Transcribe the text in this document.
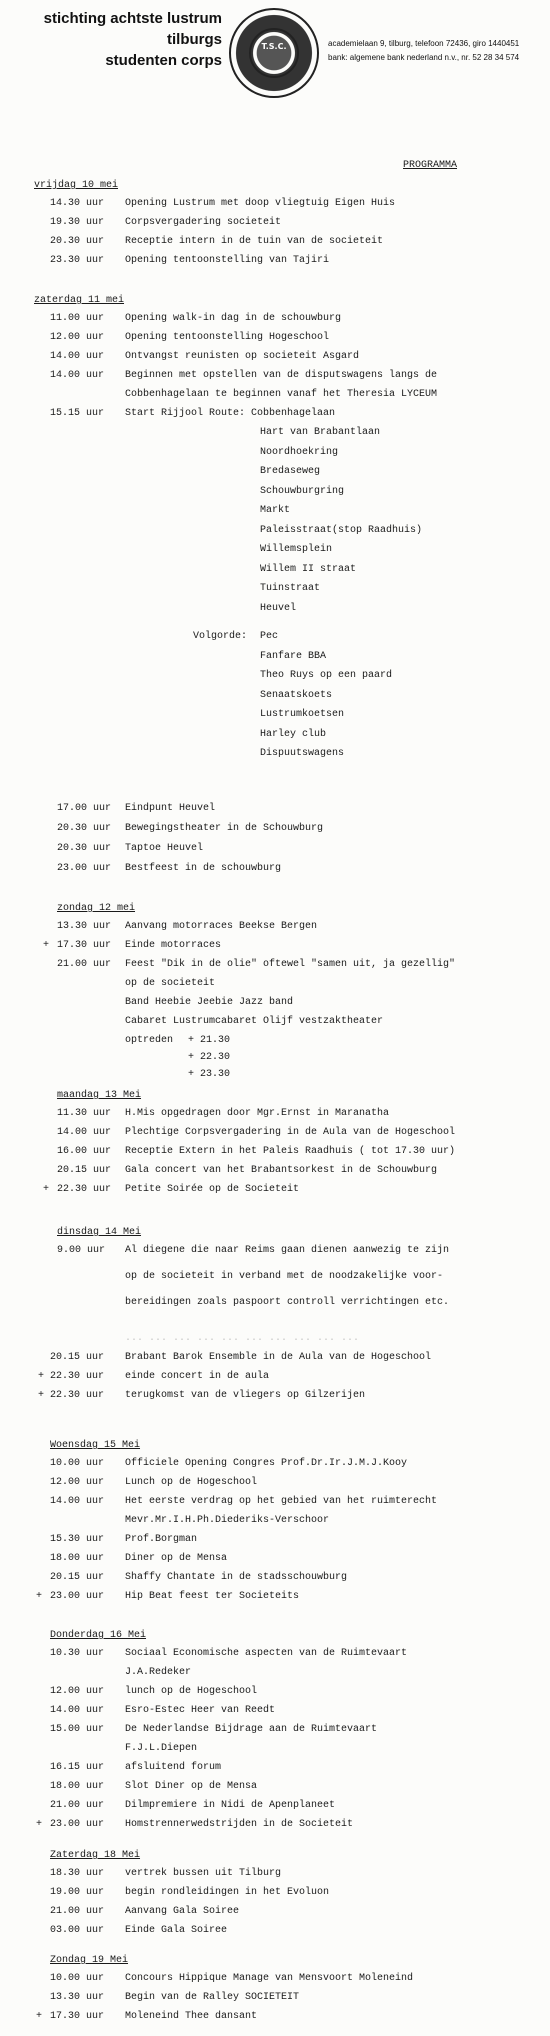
stichting achtste lustrum
tilburgs
studenten corps
T.S.C.	academielaan 9, tilburg, telefoon 72436, giro 1440451
bank: algemene bank nederland n.v., nr. 52 28 34 574
PROGRAMMA
vrijdag 10 mei
14.30 uur Opening Lustrum met doop vliegtuig Eigen Huis
19.30 uur Corpsvergadering societeit
20.30 uur Receptie intern in de tuin van de societeit
23.30 uur Opening tentoonstelling van Tajiri
zaterdag 11 mei
11.00 uur Opening walk-in dag in de schouwburg
12.00 uur Opening tentoonstelling Hogeschool
14.00 uur Ontvangst reunisten op societeit Asgard
14.00 uur Beginnen met opstellen van de disputswagens langs de
Cobbenhagelaan te beginnen vanaf het Theresia LYCEUM
15.15 uur Start Rijjool Route: Cobbenhagelaan
Hart van Brabantlaan
Noordhoekring
Bredaseweg
Schouwburgring
Markt
Paleisstraat(stop Raadhuis)
Willemsplein
Willem II straat
Tuinstraat
Heuvel
Volgorde: Pec
Fanfare BBA
Theo Ruys op een paard
Senaatskoets
Lustrumkoetsen
Harley club
Dispuutswagens
17.00 uur Eindpunt Heuvel
20.30 uur Bewegingstheater in de Schouwburg
20.30 uur Taptoe Heuvel
23.00 uur Bestfeest in de schouwburg
zondag 12 mei
13.30 uur Aanvang motorraces Beekse Bergen
+ 17.30 uur Einde motorraces
21.00 uur Feest "Dik in de olie" oftewel "samen uit, ja gezellig"
op de societeit
Band Heebie Jeebie Jazz band
Cabaret Lustrumcabaret Olijf vestzaktheater
optreden + 21.30
+ 22.30
+ 23.30
maandag 13 Mei
11.30 uur H.Mis opgedragen door Mgr.Ernst in Maranatha
14.00 uur Plechtige Corpsvergadering in de Aula van de Hogeschool
16.00 uur Receptie Extern in het Paleis Raadhuis ( tot 17.30 uur)
20.15 uur Gala concert van het Brabantsorkest in de Schouwburg
+ 22.30 uur Petite Soirée op de Societeit
dinsdag 14 Mei
9.00 uur Al diegene die naar Reims gaan dienen aanwezig te zijn
op de societeit in verband met de noodzakelijke voor-
bereidingen zoals paspoort controll verrichtingen etc.
... ... ... ... ... ... ... ... ... ...
20.15 uur Brabant Barok Ensemble in de Aula van de Hogeschool
+ 22.30 uur einde concert in de aula
+ 22.30 uur terugkomst van de vliegers op Gilzerijen
Woensdag 15 Mei
10.00 uur Officiele Opening Congres Prof.Dr.Ir.J.M.J.Kooy
12.00 uur Lunch op de Hogeschool
14.00 uur Het eerste verdrag op het gebied van het ruimterecht
Mevr.Mr.I.H.Ph.Diederiks-Verschoor
15.30 uur Prof.Borgman
18.00 uur Diner op de Mensa
20.15 uur Shaffy Chantate in de stadsschouwburg
+ 23.00 uur Hip Beat feest ter Societeits
Donderdag 16 Mei
10.30 uur Sociaal Economische aspecten van de Ruimtevaart
J.A.Redeker
12.00 uur lunch op de Hogeschool
14.00 uur Esro-Estec Heer van Reedt
15.00 uur De Nederlandse Bijdrage aan de Ruimtevaart
F.J.L.Diepen
16.15 uur afsluitend forum
18.00 uur Slot Diner op de Mensa
21.00 uur Dilmpremiere in Nidi de Apenplaneet
+ 23.00 uur Homstrennerwedstrijden in de Societeit
Zaterdag 18 Mei
18.30 uur vertrek bussen uit Tilburg
19.00 uur begin rondleidingen in het Evoluon
21.00 uur Aanvang Gala Soiree
03.00 uur Einde Gala Soiree
Zondag 19 Mei
10.00 uur Concours Hippique Manage van Mensvoort Moleneind
13.30 uur Begin van de Ralley SOCIETEIT
+ 17.30 uur Moleneind Thee dansant
